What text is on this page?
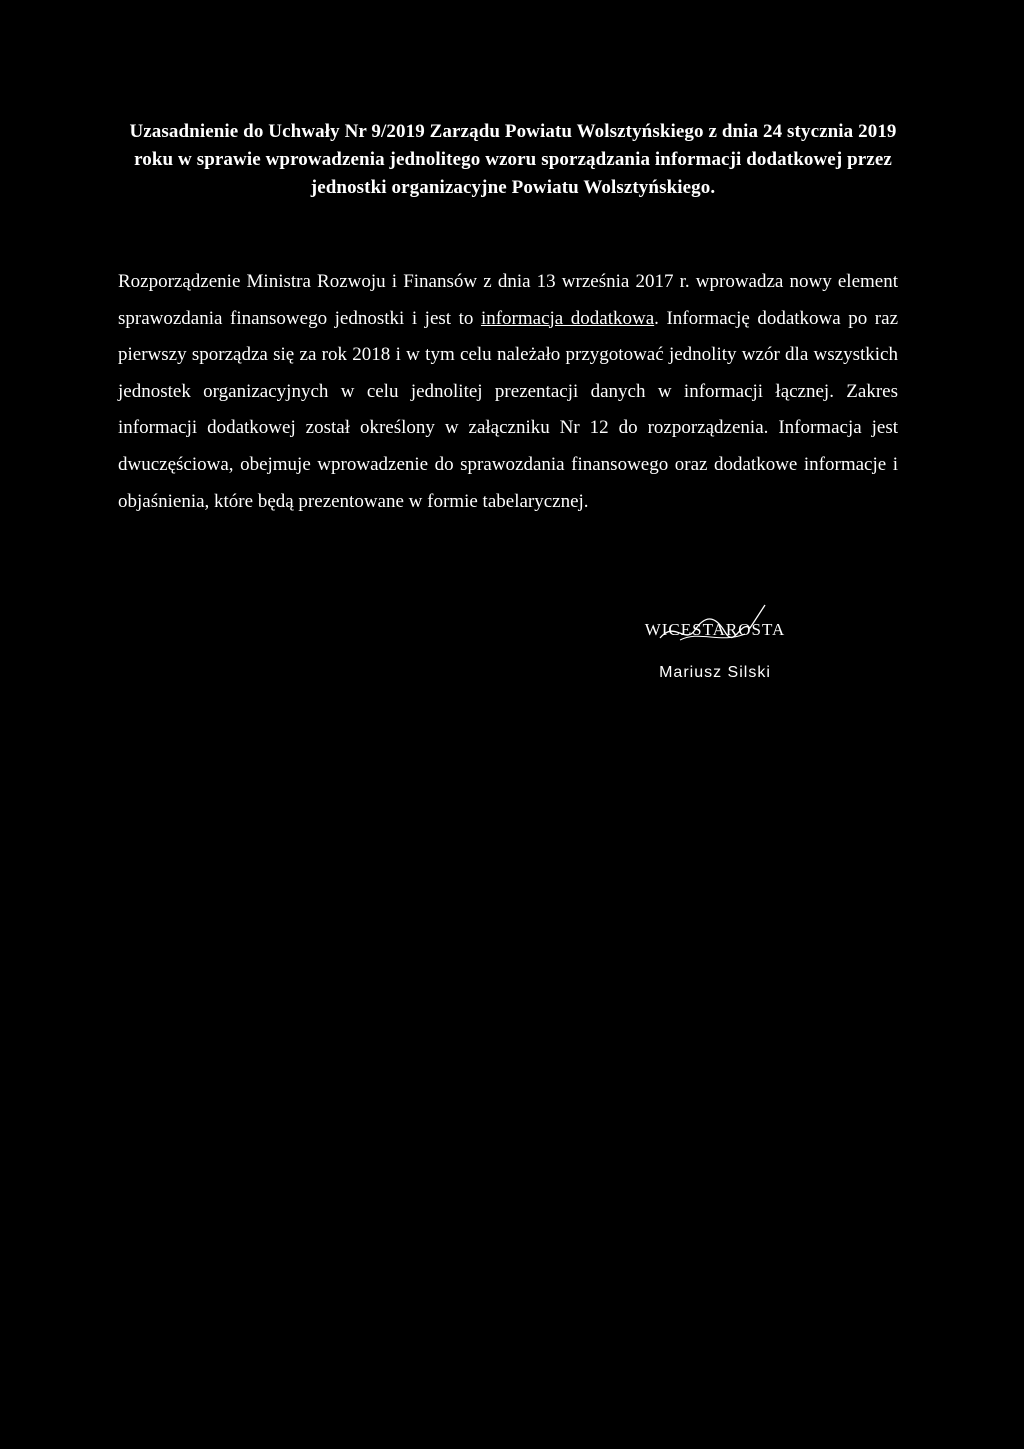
Uzasadnienie do Uchwały Nr 9/2019 Zarządu Powiatu Wolsztyńskiego z dnia 24 stycznia 2019 roku w sprawie wprowadzenia jednolitego wzoru sporządzania informacji dodatkowej przez jednostki organizacyjne Powiatu Wolsztyńskiego.

Rozporządzenie Ministra Rozwoju i Finansów z dnia 13 września 2017 r. wprowadza nowy element sprawozdania finansowego jednostki i jest to informacja dodatkowa. Informację dodatkowa po raz pierwszy sporządza się za rok 2018 i w tym celu należało przygotować jednolity wzór dla wszystkich jednostek organizacyjnych w celu jednolitej prezentacji danych w informacji łącznej. Zakres informacji dodatkowej został określony w załączniku Nr 12 do rozporządzenia. Informacja jest dwuczęściowa, obejmuje wprowadzenie do sprawozdania finansowego oraz dodatkowe informacje i objaśnienia, które będą prezentowane w formie tabelarycznej.

WICESTAROSTA
Mariusz Silski
